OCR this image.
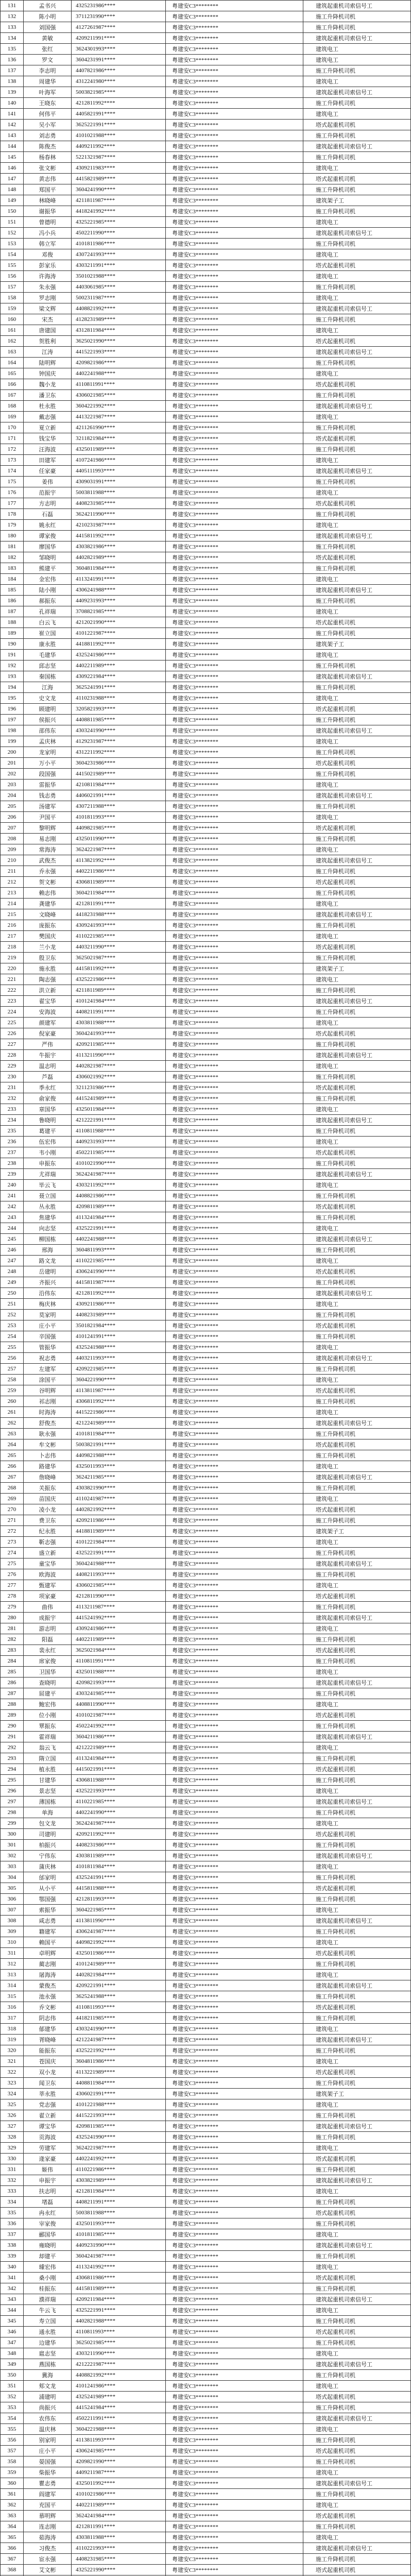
131	孟书兴	4325231986****	粤建安C3********	建筑起重机司索信号工
132	陈小明	3711231990****	粤建安C3********	施工升降机司机
133	刘国强	4127261987****	粤建安C3********	施工升降机司机
134	黄敏	4209211991****	粤建安C3********	建筑起重机司索信号工
135	张红	3624301993****	粤建安C3********	建筑电工
136	罗文	3604231991****	粤建安C3********	建筑电工
137	李志明	4407821986****	粤建安C3********	施工升降机司机
138	周建华	4312241980****	粤建安C3********	建筑电工
139	叶海军	5003821985****	粤建安C3********	建筑起重机司索信号工
140	王晓东	4212811992****	粤建安C3********	施工升降机司机
141	何伟平	4405821991****	粤建安C3********	建筑电工
142	吴小军	3625221991****	粤建安C3********	塔式起重机司机
143	刘志勇	4101021988****	粤建安C3********	施工升降机司机
144	陈俊杰	4409211992****	粤建安C3********	建筑起重机司索信号工
145	杨春林	5221321987****	粤建安C3********	施工升降机司机
146	张文彬	4309211983****	粤建安C3********	建筑电工
147	黄志伟	4415821989****	粤建安C3********	塔式起重机司机
148	郑国平	3604241990****	粤建安C3********	施工升降机司机
149	林晓峰	4211811987****	粤建安C3********	建筑架子工
150	谢振华	4418241992****	粤建安C3********	施工升降机司机
151	曾德明	4325221985****	粤建安C3********	建筑电工
152	冯小兵	4502211990****	粤建安C3********	建筑起重机司索信号工
153	韩立军	4101811986****	粤建安C3********	施工升降机司机
154	邓俊	4307241993****	粤建安C3********	建筑电工
155	彭家乐	4303211991****	粤建安C3********	塔式起重机司机
156	许海涛	3501021988****	粤建安C3********	建筑电工
157	朱永强	4403061985****	粤建安C3********	施工升降机司机
158	罗志刚	5002311987****	粤建安C3********	建筑电工
159	梁文辉	4408821992****	粤建安C3********	建筑起重机司索信号工
160	宋杰	4128231989****	粤建安C3********	施工升降机司机
161	唐建国	4312811984****	粤建安C3********	建筑电工
162	贺胜利	3625021990****	粤建安C3********	塔式起重机司机
163	江涛	4415221993****	粤建安C3********	建筑起重机司索信号工
164	陆明辉	4209821986****	粤建安C3********	施工升降机司机
165	钟国庆	4402241988****	粤建安C3********	建筑电工
166	魏小龙	4110811991****	粤建安C3********	塔式起重机司机
167	潘卫东	4306021985****	粤建安C3********	施工升降机司机
168	杜永胜	3604221992****	粤建安C3********	建筑起重机司索信号工
169	戴志强	4413221987****	粤建安C3********	建筑电工
170	夏立新	4211261990****	粤建安C3********	施工升降机司机
171	钱宝华	3211821984****	粤建安C3********	塔式起重机司机
172	汪海波	4325011989****	粤建安C3********	施工升降机司机
173	田建军	4107241986****	粤建安C3********	建筑电工
174	任家豪	4405111993****	粤建安C3********	建筑起重机司索信号工
175	姜伟	4309031991****	粤建安C3********	施工升降机司机
176	范振宇	5003811988****	粤建安C3********	建筑电工
177	方志明	4408231985****	粤建安C3********	塔式起重机司机
178	石磊	3624211990****	粤建安C3********	施工升降机司机
179	姚永红	4210231987****	粤建安C3********	建筑电工
180	谭家俊	4415811992****	粤建安C3********	建筑起重机司索信号工
181	廖国华	4303821986****	粤建安C3********	施工升降机司机
182	邹晓明	4402821989****	粤建安C3********	塔式起重机司机
183	熊建平	3604811984****	粤建安C3********	施工升降机司机
184	金宏伟	4113241991****	粤建安C3********	建筑电工
185	陆小刚	4306241988****	粤建安C3********	建筑起重机司索信号工
186	郝振东	4409231993****	粤建安C3********	施工升降机司机
187	孔祥瑞	3708821985****	粤建安C3********	建筑电工
188	白云飞	4212021990****	粤建安C3********	塔式起重机司机
189	崔立国	4101221987****	粤建安C3********	施工升降机司机
190	康永胜	4418811992****	粤建安C3********	建筑架子工
191	毛建华	4325241986****	粤建安C3********	建筑电工
192	邱志坚	4402211989****	粤建安C3********	施工升降机司机
193	秦国栋	4309221984****	粤建安C3********	建筑起重机司索信号工
194	江海	3625241991****	粤建安C3********	施工升降机司机
195	史文龙	4110231988****	粤建安C3********	建筑电工
196	顾建明	3205821993****	粤建安C3********	塔式起重机司机
197	侯振兴	4408811985****	粤建安C3********	施工升降机司机
198	邵伟东	4303241990****	粤建安C3********	建筑起重机司索信号工
199	孟庆林	4129231987****	粤建安C3********	建筑电工
200	龙家明	4312211992****	粤建安C3********	施工升降机司机
201	万小平	3604231986****	粤建安C3********	塔式起重机司机
202	段国强	4415021989****	粤建安C3********	施工升降机司机
203	雷振华	4210811984****	粤建安C3********	建筑电工
204	钱志勇	4406021991****	粤建安C3********	建筑起重机司索信号工
205	汤建军	4307211988****	粤建安C3********	施工升降机司机
206	尹国平	4101811993****	粤建安C3********	建筑电工
207	黎明辉	4409821985****	粤建安C3********	塔式起重机司机
208	易志刚	4325011990****	粤建安C3********	施工升降机司机
209	常海涛	3624221987****	粤建安C3********	建筑电工
210	武俊杰	4113821992****	粤建安C3********	建筑起重机司索信号工
211	乔永强	4402211986****	粤建安C3********	施工升降机司机
212	贺文彬	4306811989****	粤建安C3********	塔式起重机司机
213	赖志伟	3604211984****	粤建安C3********	施工升降机司机
214	龚建华	4212811991****	粤建安C3********	建筑电工
215	文晓峰	4418231988****	粤建安C3********	建筑起重机司索信号工
216	庞振东	4309241993****	粤建安C3********	施工升降机司机
217	樊国庆	4110221985****	粤建安C3********	建筑电工
218	兰小龙	4403211990****	粤建安C3********	塔式起重机司机
219	殷卫东	3625021987****	粤建安C3********	施工升降机司机
220	施永胜	4415811992****	粤建安C3********	建筑架子工
221	陶志强	4325221986****	粤建安C3********	建筑电工
222	洪立新	4211811989****	粤建安C3********	施工升降机司机
223	翟宝华	4101241984****	粤建安C3********	建筑起重机司索信号工
224	安海波	4408211991****	粤建安C3********	施工升降机司机
225	颜建军	4303811988****	粤建安C3********	建筑电工
226	倪家豪	3604241993****	粤建安C3********	塔式起重机司机
227	严伟	4209211985****	粤建安C3********	施工升降机司机
228	牛振宇	4113211990****	粤建安C3********	建筑起重机司索信号工
229	温志明	4402821987****	粤建安C3********	建筑电工
230	芦磊	4306021992****	粤建安C3********	施工升降机司机
231	季永红	3211231986****	粤建安C3********	塔式起重机司机
232	俞家俊	4415241989****	粤建安C3********	施工升降机司机
233	章国华	4325011984****	粤建安C3********	建筑电工
234	鲁晓明	4212221991****	粤建安C3********	建筑起重机司索信号工
235	葛建平	4110811988****	粤建安C3********	施工升降机司机
236	伍宏伟	4409231993****	粤建安C3********	建筑电工
237	韦小刚	4502211985****	粤建安C3********	塔式起重机司机
238	申振东	4101021990****	粤建安C3********	施工升降机司机
239	尤祥瑞	3624241987****	粤建安C3********	建筑起重机司索信号工
240	毕云飞	4303211992****	粤建安C3********	建筑电工
241	聂立国	4408821986****	粤建安C3********	施工升降机司机
242	丛永胜	4209811989****	粤建安C3********	塔式起重机司机
243	焦建华	4113241984****	粤建安C3********	施工升降机司机
244	向志坚	4325221991****	粤建安C3********	建筑电工
245	柳国栋	4402241988****	粤建安C3********	建筑起重机司索信号工
246	邢海	3604811993****	粤建安C3********	施工升降机司机
247	路文龙	4110221985****	粤建安C3********	建筑电工
248	岳建明	4306241990****	粤建安C3********	塔式起重机司机
249	齐振兴	4415811987****	粤建安C3********	施工升降机司机
250	沿伟东	4212811992****	粤建安C3********	建筑起重机司索信号工
251	梅庆林	4309211986****	粤建安C3********	建筑电工
252	莫家明	4408231989****	粤建安C3********	施工升降机司机
253	庄小平	3501821984****	粤建安C3********	塔式起重机司机
254	辛国强	4101241991****	粤建安C3********	施工升降机司机
255	管振华	4325241988****	粤建安C3********	建筑电工
256	祝志勇	4403211993****	粤建安C3********	建筑起重机司索信号工
257	左建军	4209221985****	粤建安C3********	施工升降机司机
258	涂国平	3604221990****	粤建安C3********	建筑电工
259	谷明辉	4113811987****	粤建安C3********	塔式起重机司机
260	祁志刚	4306811992****	粤建安C3********	施工升降机司机
261	时海涛	4415221986****	粤建安C3********	建筑电工
262	舒俊杰	4212241989****	粤建安C3********	建筑起重机司索信号工
263	耿永强	4101811984****	粤建安C3********	施工升降机司机
264	牟文彬	5003821991****	粤建安C3********	塔式起重机司机
265	卜志伟	4409821988****	粤建安C3********	施工升降机司机
266	路建华	4325011993****	粤建安C3********	建筑电工
267	詹晓峰	3624211985****	粤建安C3********	建筑起重机司索信号工
268	关振东	4303821990****	粤建安C3********	施工升降机司机
269	苗国庆	4110241987****	粤建安C3********	建筑电工
270	凌小龙	4402821992****	粤建安C3********	塔式起重机司机
271	费卫东	4209211986****	粤建安C3********	施工升降机司机
272	纪永胜	4418811989****	粤建安C3********	建筑架子工
273	靳志强	4101221984****	粤建安C3********	建筑电工
274	盛立新	4325221991****	粤建安C3********	施工升降机司机
275	童宝华	3604241988****	粤建安C3********	建筑起重机司索信号工
276	欧海波	4408211993****	粤建安C3********	施工升降机司机
277	甄建军	4306021985****	粤建安C3********	建筑电工
278	项家豪	4212811990****	粤建安C3********	塔式起重机司机
279	曲伟	4113211987****	粤建安C3********	施工升降机司机
280	成振宇	4415241992****	粤建安C3********	建筑起重机司索信号工
281	游志明	4309241986****	粤建安C3********	建筑电工
282	阳磊	4402211989****	粤建安C3********	施工升降机司机
283	裴永红	3625021984****	粤建安C3********	塔式起重机司机
284	席家俊	4110811991****	粤建安C3********	施工升降机司机
285	卫国华	4325011988****	粤建安C3********	建筑电工
286	查晓明	4209821993****	粤建安C3********	建筑起重机司索信号工
287	屈建平	4303241985****	粤建安C3********	施工升降机司机
288	鲍宏伟	4408811990****	粤建安C3********	建筑电工
289	位小刚	4101021987****	粤建安C3********	塔式起重机司机
290	覃振东	4502241992****	粤建安C3********	施工升降机司机
291	霍祥瑞	3604211986****	粤建安C3********	建筑起重机司索信号工
292	翁云飞	4212221989****	粤建安C3********	建筑电工
293	隋立国	4113241984****	粤建安C3********	施工升降机司机
294	植永胜	4415021991****	粤建安C3********	塔式起重机司机
295	甘建华	4306811988****	粤建安C3********	施工升降机司机
296	景志坚	4325221993****	粤建安C3********	建筑电工
297	薄国栋	4110221985****	粤建安C3********	建筑起重机司索信号工
298	单海	4402241990****	粤建安C3********	施工升降机司机
299	包文龙	3624241987****	粤建安C3********	建筑电工
300	司建明	4209211992****	粤建安C3********	塔式起重机司机
301	柏振兴	4408231986****	粤建安C3********	施工升降机司机
302	宁伟东	4303811989****	粤建安C3********	建筑起重机司索信号工
303	蒲庆林	4101811984****	粤建安C3********	建筑电工
304	邰家明	4325241991****	粤建安C3********	施工升降机司机
305	从小平	4415811988****	粤建安C3********	塔式起重机司机
306	鄂国强	4212811993****	粤建安C3********	施工升降机司机
307	索振华	3604221985****	粤建安C3********	建筑电工
308	咸志勇	4113811990****	粤建安C3********	建筑起重机司索信号工
309	籍建军	4306241987****	粤建安C3********	施工升降机司机
310	赖国平	4409821992****	粤建安C3********	建筑电工
311	卓明辉	4325011986****	粤建安C3********	塔式起重机司机
312	蔺志刚	4101241989****	粤建安C3********	施工升降机司机
313	屠海涛	4402821984****	粤建安C3********	建筑电工
314	蒙俊杰	4209221991****	粤建安C3********	建筑起重机司索信号工
315	池永强	3625241988****	粤建安C3********	施工升降机司机
316	乔文彬	4110811993****	粤建安C3********	塔式起重机司机
317	阴志伟	4418211985****	粤建安C3********	施工升降机司机
318	郁建华	4303241990****	粤建安C3********	建筑电工
319	胥晓峰	4212241987****	粤建安C3********	建筑起重机司索信号工
320	能振东	4325221992****	粤建安C3********	施工升降机司机
321	苍国庆	3604811986****	粤建安C3********	建筑电工
322	双小龙	4113221989****	粤建安C3********	塔式起重机司机
323	闻卫东	4408811984****	粤建安C3********	施工升降机司机
324	莘永胜	4306021991****	粤建安C3********	建筑架子工
325	党志强	4101221988****	粤建安C3********	建筑电工
326	翟立新	4415221993****	粤建安C3********	施工升降机司机
327	谭宝华	4209811985****	粤建安C3********	建筑起重机司索信号工
328	贡海波	4325241990****	粤建安C3********	施工升降机司机
329	劳建军	3624221987****	粤建安C3********	建筑电工
330	逄家豪	4402241992****	粤建安C3********	塔式起重机司机
331	姬伟	4110221986****	粤建安C3********	施工升降机司机
332	申振宇	4303821989****	粤建安C3********	建筑起重机司索信号工
333	扶志明	4212811984****	粤建安C3********	建筑电工
334	堵磊	4408211991****	粤建安C3********	施工升降机司机
335	冉永红	5003811988****	粤建安C3********	塔式起重机司机
336	宰家俊	4325011993****	粤建安C3********	施工升降机司机
337	郦国华	4101811985****	粤建安C3********	建筑电工
338	雍晓明	4409231990****	粤建安C3********	建筑起重机司索信号工
339	却建平	3604241987****	粤建安C3********	施工升降机司机
340	璩宏伟	4113241992****	粤建安C3********	建筑电工
341	桑小刚	4306811986****	粤建安C3********	塔式起重机司机
342	桂振东	4415811989****	粤建安C3********	施工升降机司机
343	濮祥瑞	4209211984****	粤建安C3********	建筑起重机司索信号工
344	牛云飞	4325221991****	粤建安C3********	建筑电工
345	寿立国	4402821988****	粤建安C3********	施工升降机司机
346	通永胜	4110811993****	粤建安C3********	塔式起重机司机
347	边建华	3625021985****	粤建安C3********	施工升降机司机
348	扈志坚	4303211990****	粤建安C3********	建筑电工
349	燕国栋	4212221987****	粤建安C3********	建筑起重机司索信号工
350	冀海	4408821992****	粤建安C3********	施工升降机司机
351	郏文龙	4101241986****	粤建安C3********	建筑电工
352	浦建明	4325241989****	粤建安C3********	塔式起重机司机
353	尚振兴	4415241984****	粤建安C3********	施工升降机司机
354	农伟东	4502211991****	粤建安C3********	建筑起重机司索信号工
355	温庆林	3604221988****	粤建安C3********	建筑电工
356	别家明	4113811993****	粤建安C3********	施工升降机司机
357	庄小平	4306241985****	粤建安C3********	塔式起重机司机
358	晏国强	4209821990****	粤建安C3********	施工升降机司机
359	柴振华	4409211987****	粤建安C3********	建筑电工
360	瞿志勇	4325011992****	粤建安C3********	建筑起重机司索信号工
361	阎建军	4101021986****	粤建安C3********	施工升降机司机
362	充国平	4402211989****	粤建安C3********	建筑电工
363	慕明辉	3624241984****	粤建安C3********	塔式起重机司机
364	连志刚	4212811991****	粤建安C3********	施工升降机司机
365	茹海涛	4303811988****	粤建安C3********	建筑电工
366	习俊杰	4110221993****	粤建安C3********	建筑起重机司索信号工
367	宦永强	4408231985****	粤建安C3********	施工升降机司机
368	艾文彬	4325221990****	粤建安C3********	塔式起重机司机
